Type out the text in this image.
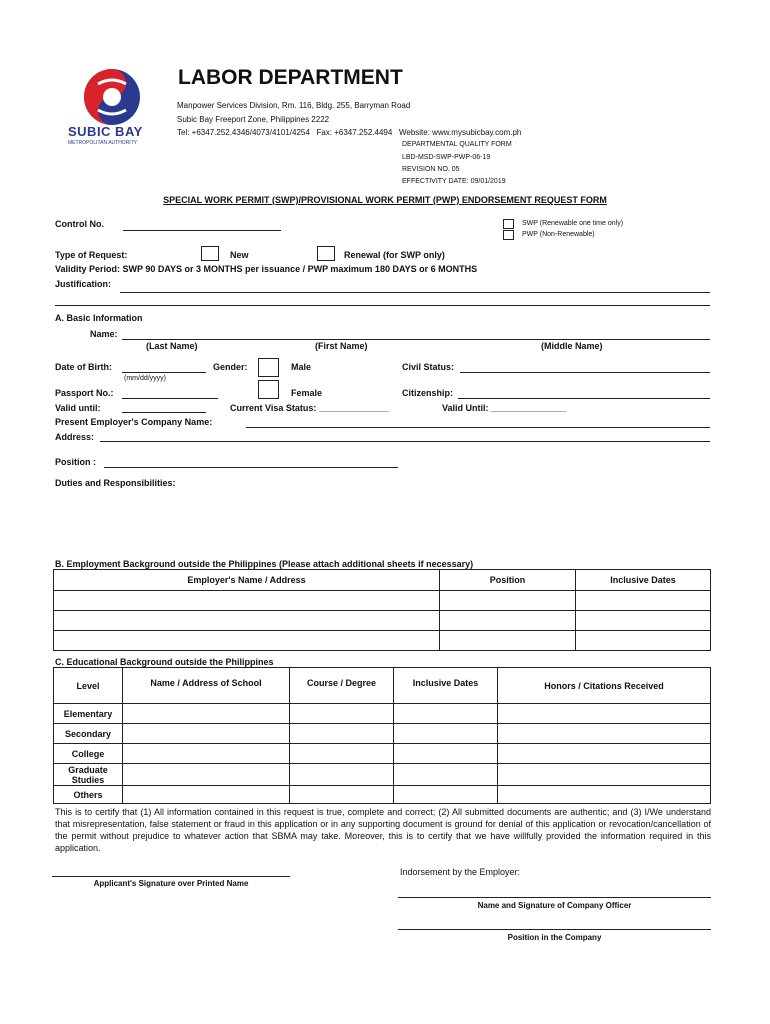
SUBIC BAY
METROPOLITAN AUTHORITY
LABOR DEPARTMENT
Manpower Services Division, Rm. 116, Bldg. 255, Barryman Road
Subic Bay Freeport Zone, Philippines 2222
Tel: +6347.252.4346/4073/4101/4254   Fax: +6347.252.4494   Website: www.mysubicbay.com.ph
DEPARTMENTAL QUALITY FORM
LBD-MSD-SWP-PWP-06-19
REVISION NO. 05
EFFECTIVITY DATE: 09/01/2019
SPECIAL WORK PERMIT (SWP)/PROVISIONAL WORK PERMIT (PWP) ENDORSEMENT REQUEST FORM
Control No.	SWP (Renewable one time only)
PWP (Non-Renewable)
Type of Request:	New	Renewal (for SWP only)
Validity Period: SWP 90 DAYS or 3 MONTHS per issuance / PWP maximum 180 DAYS or 6 MONTHS
Justification:
A. Basic Information
Name:
(Last Name)	(First Name)	(Middle Name)
Date of Birth:
(mm/dd/yyyy)
Gender:	Male	Civil Status:
Passport No.:	Female	Citizenship:
Valid until:	Current Visa Status: ______________	Valid Until: _______________
Present Employer's Company Name:
Address:
Position :
Duties and Responsibilities:
B. Employment Background outside the Philippines (Please attach additional sheets if necessary)
Employer's Name / Address	Position	Inclusive Dates

C. Educational Background outside the Philippines
Level	Name / Address of School	Course / Degree	Inclusive Dates	Honors / Citations Received
Elementary				
Secondary				
College				
Graduate Studies				
Others				
This is to certify that (1) All information contained in this request is true, complete and correct; (2) All submitted documents are authentic; and (3) I/We understand that misrepresentation, false statement or fraud in this application or in any supporting document is ground for denial of this application or revocation/cancellation of the permit without prejudice to whatever action that SBMA may take. Moreover, this is to certify that we have willfully provided the information required in this application.
Applicant's Signature over Printed Name
Indorsement by the Employer:
Name and Signature of Company Officer
Position in the Company
